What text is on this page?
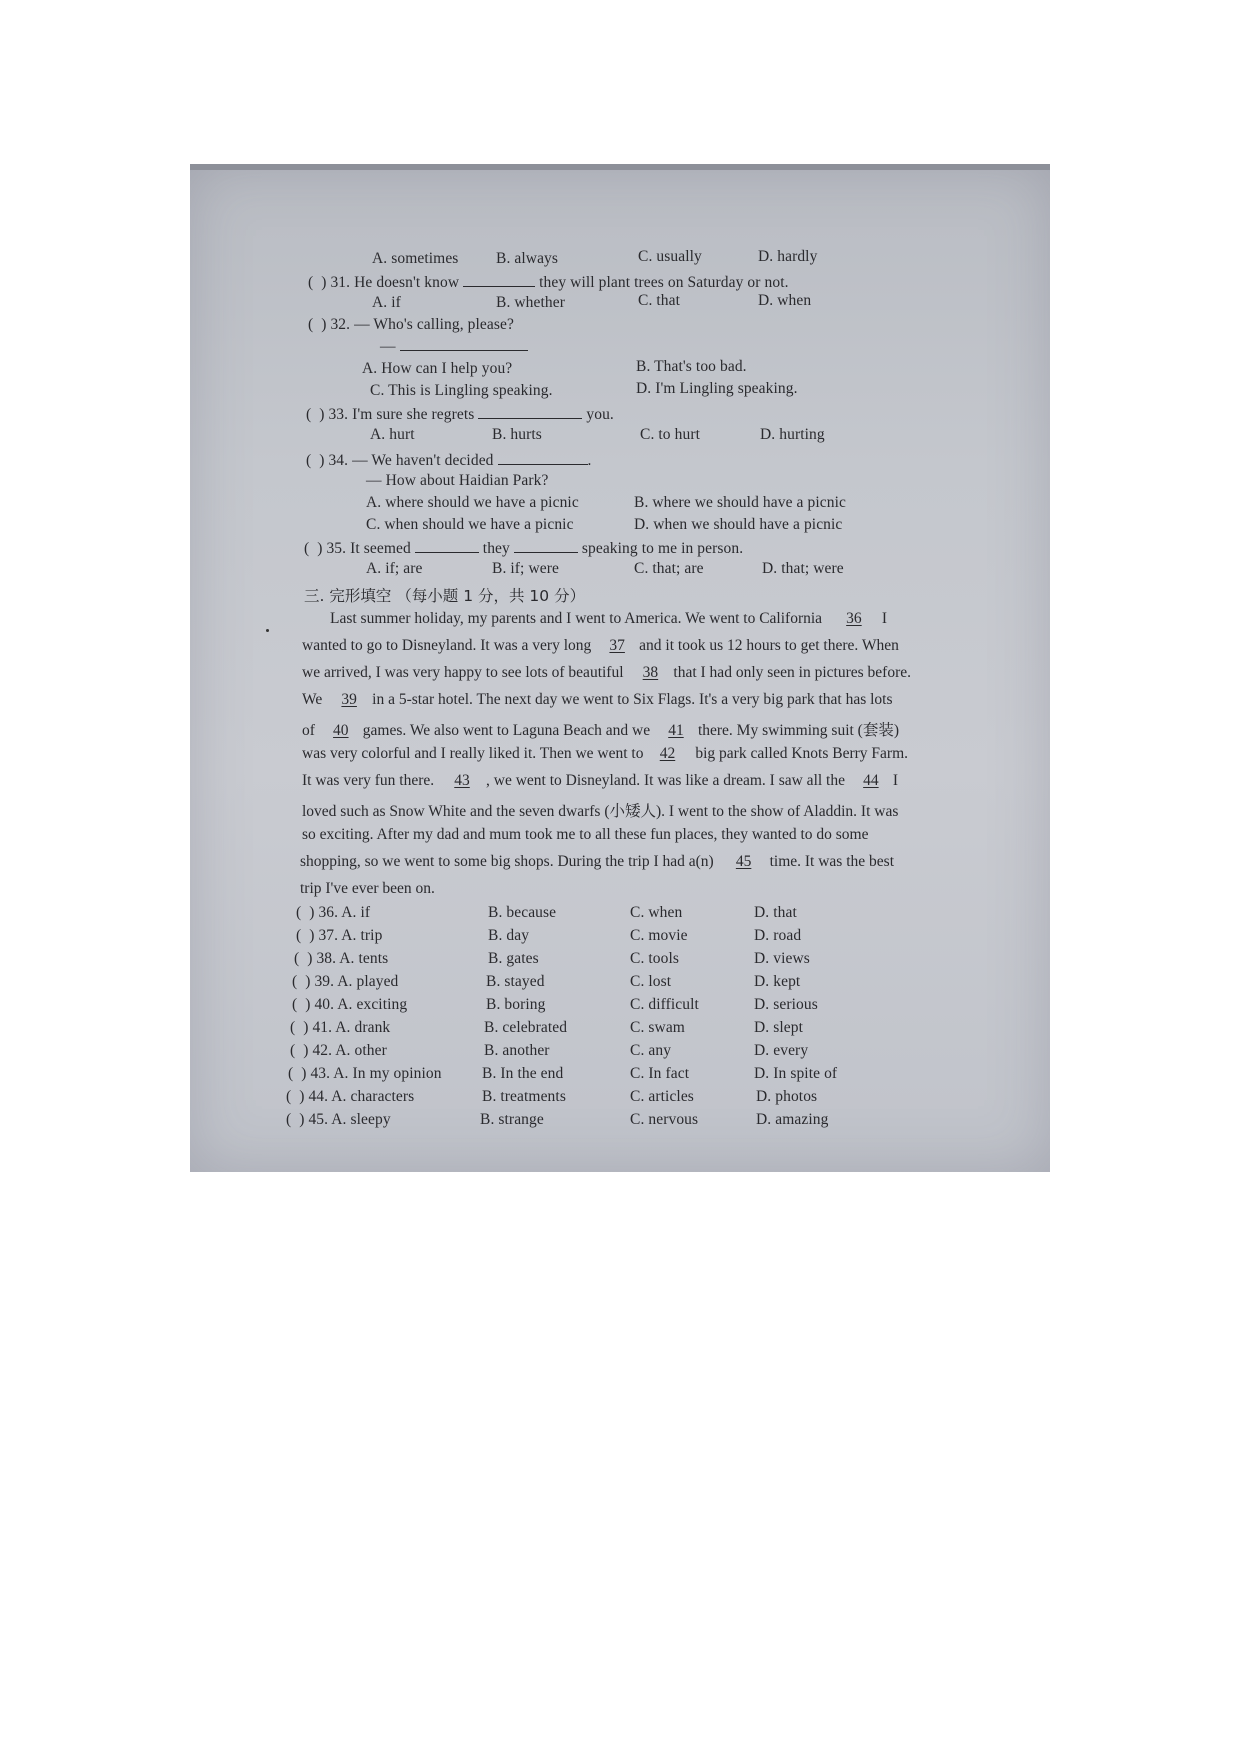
A. sometimes B. always	C. usually	D. hardly
( ) 31. He doesn't know	they will plant trees on Saturday or not.
A. if	B. whether	C. that	D. when
( ) 32. — Who's calling, please?
—
A. How can I help you?	B. That's too bad.
C. This is Lingling speaking.	D. I'm Lingling speaking.
( ) 33. I'm sure she regrets	you.
A. hurt	B. hurts	C. to hurt	D. hurting
( ) 34. — We haven't decided	.
— How about Haidian Park?
A. where should we have a picnic	B. where we should have a picnic
C. when should we have a picnic	D. when we should have a picnic
( ) 35. It seemed	they	speaking to me in person.
A. if; are	B. if; were	C. that; are	D. that; were
三. 完形填空 （每小题 1 分，共 10 分）
Last summer holiday, my parents and I went to America. We went to California 36 I
wanted to go to Disneyland. It was a very long 37 and it took us 12 hours to get there. When
we arrived, I was very happy to see lots of beautiful 38 that I had only seen in pictures before.
We 39 in a 5-star hotel. The next day we went to Six Flags. It's a very big park that has lots
of 40 games. We also went to Laguna Beach and we 41 there. My swimming suit (套装)
was very colorful and I really liked it. Then we went to 42 big park called Knots Berry Farm.
It was very fun there. 43 , we went to Disneyland. It was like a dream. I saw all the 44 I
loved such as Snow White and the seven dwarfs (小矮人). I went to the show of Aladdin. It was
so exciting. After my dad and mum took me to all these fun places, they wanted to do some
shopping, so we went to some big shops. During the trip I had a(n) 45 time. It was the best
trip I've ever been on.
( ) 36. A. if	B. because	C. when	D. that
( ) 37. A. trip	B. day	C. movie	D. road
( ) 38. A. tents	B. gates	C. tools	D. views
( ) 39. A. played	B. stayed	C. lost	D. kept
( ) 40. A. exciting	B. boring	C. difficult	D. serious
( ) 41. A. drank	B. celebrated	C. swam	D. slept
( ) 42. A. other	B. another	C. any	D. every
( ) 43. A. In my opinion	B. In the end	C. In fact	D. In spite of
( ) 44. A. characters	B. treatments	C. articles	D. photos
( ) 45. A. sleepy	B. strange	C. nervous	D. amazing
